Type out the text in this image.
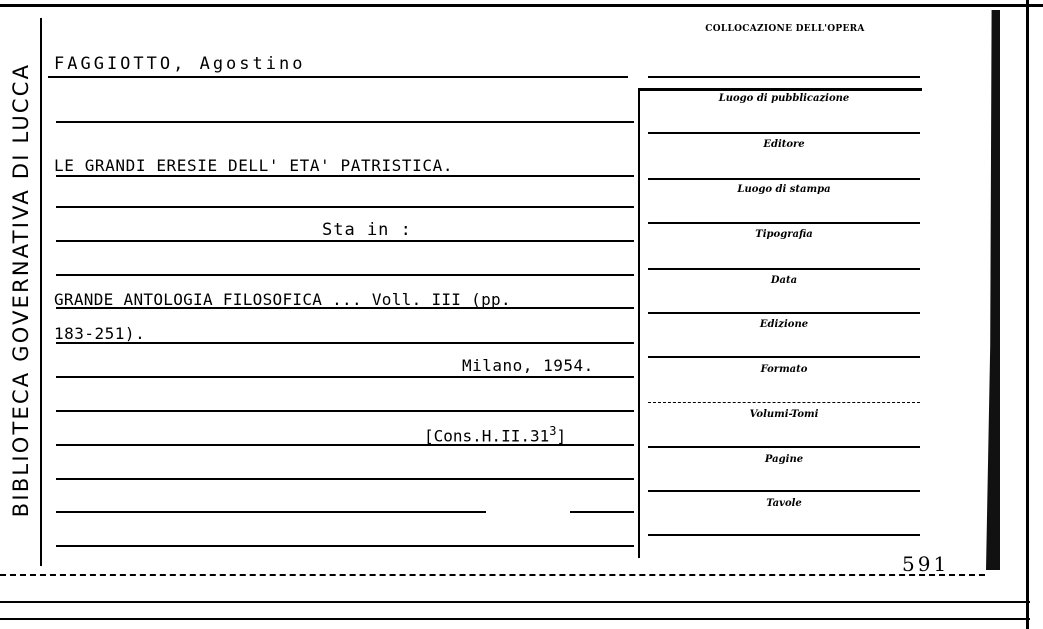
BIBLIOTECA GOVERNATIVA DI LUCCA
COLLOCAZIONE DELL'OPERA
Luogo di pubblicazione
Editore
Luogo di stampa
Tipografia
Data
Edizione
Formato
Volumi-Tomi
Pagine
Tavole
FAGGIOTTO, Agostino
LE GRANDI ERESIE DELL' ETA' PATRISTICA.
Sta in :
GRANDE ANTOLOGIA FILOSOFICA ... Voll. III (pp.
183-251).
Milano, 1954.
$[Cons.H.II.31^3]$
591
